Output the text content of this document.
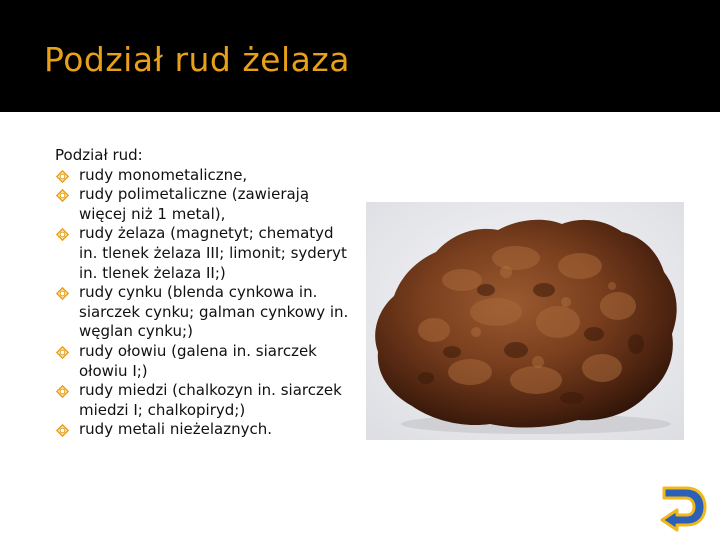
Podział rud żelaza

Podział rud:

rudy monometaliczne,
rudy polimetaliczne (zawierają więcej niż 1 metal),
rudy żelaza (magnetyt; chematyd in. tlenek żelaza III; limonit; syderyt in. tlenek żelaza II;)
rudy cynku (blenda cynkowa in. siarczek cynku; galman cynkowy in. węglan cynku;)
rudy ołowiu (galena in. siarczek ołowiu I;)
rudy miedzi (chalkozyn in. siarczek miedzi I; chalkopiryd;)
rudy metali nieżelaznych.
